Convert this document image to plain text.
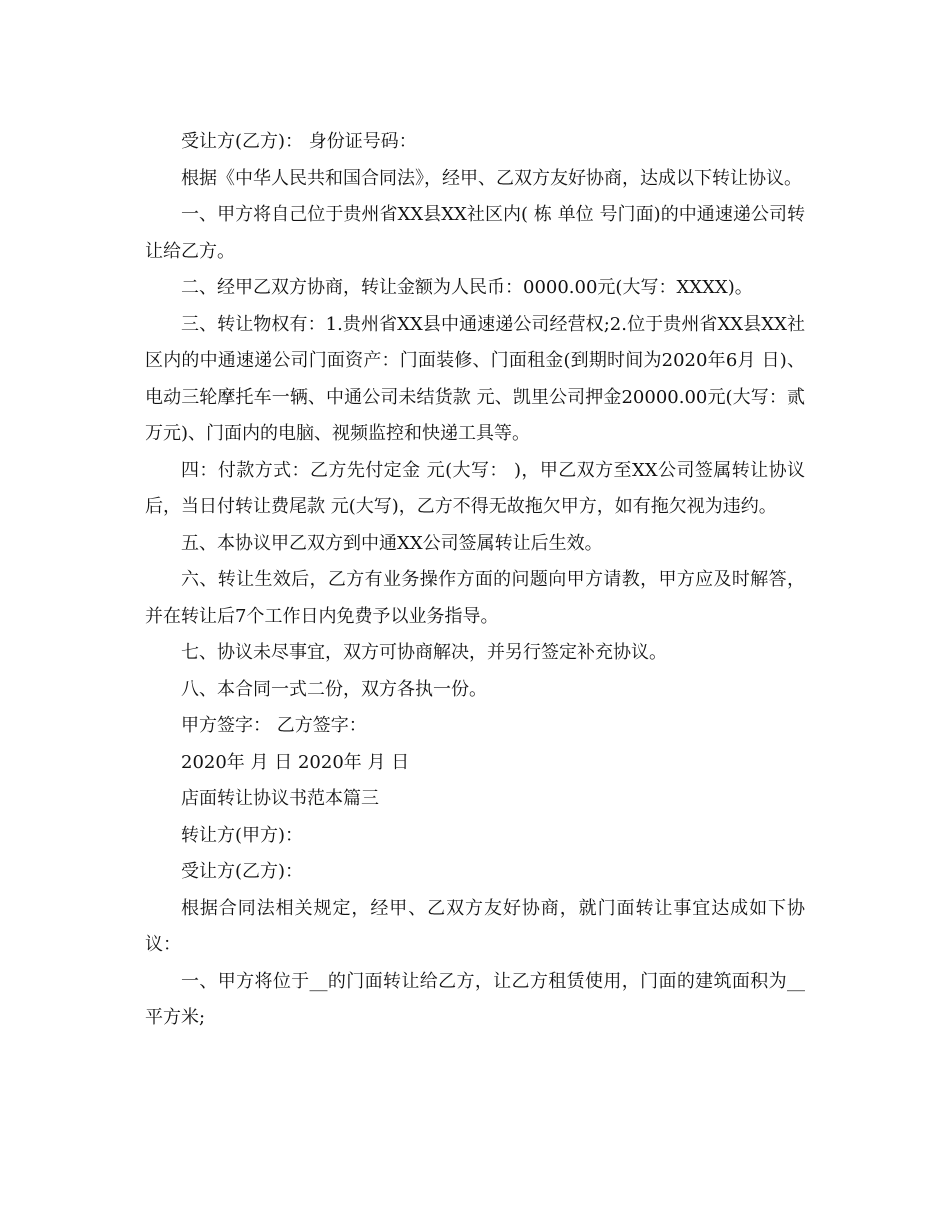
受让方(乙方)： 身份证号码：

根据《中华人民共和国合同法》，经甲、乙双方友好协商，达成以下转让协议。

一、甲方将自己位于贵州省XX县XX社区内( 栋 单位 号门面)的中通速递公司转让给乙方。

二、经甲乙双方协商，转让金额为人民币：0000.00元(大写：XXXX)。

三、转让物权有：1.贵州省XX县中通速递公司经营权;2.位于贵州省XX县XX社区内的中通速递公司门面资产：门面装修、门面租金(到期时间为2020年6月 日)、电动三轮摩托车一辆、中通公司未结货款 元、凯里公司押金20000.00元(大写：贰万元)、门面内的电脑、视频监控和快递工具等。

四：付款方式：乙方先付定金 元(大写： )，甲乙双方至XX公司签属转让协议后，当日付转让费尾款 元(大写)，乙方不得无故拖欠甲方，如有拖欠视为违约。

五、本协议甲乙双方到中通XX公司签属转让后生效。

六、转让生效后，乙方有业务操作方面的问题向甲方请教，甲方应及时解答，并在转让后7个工作日内免费予以业务指导。

七、协议未尽事宜，双方可协商解决，并另行签定补充协议。

八、本合同一式二份，双方各执一份。

甲方签字： 乙方签字：

2020年 月 日 2020年 月 日

店面转让协议书范本篇三

转让方(甲方)：

受让方(乙方)：

根据合同法相关规定，经甲、乙双方友好协商，就门面转让事宜达成如下协议：

一、甲方将位于__的门面转让给乙方，让乙方租赁使用，门面的建筑面积为__平方米;
